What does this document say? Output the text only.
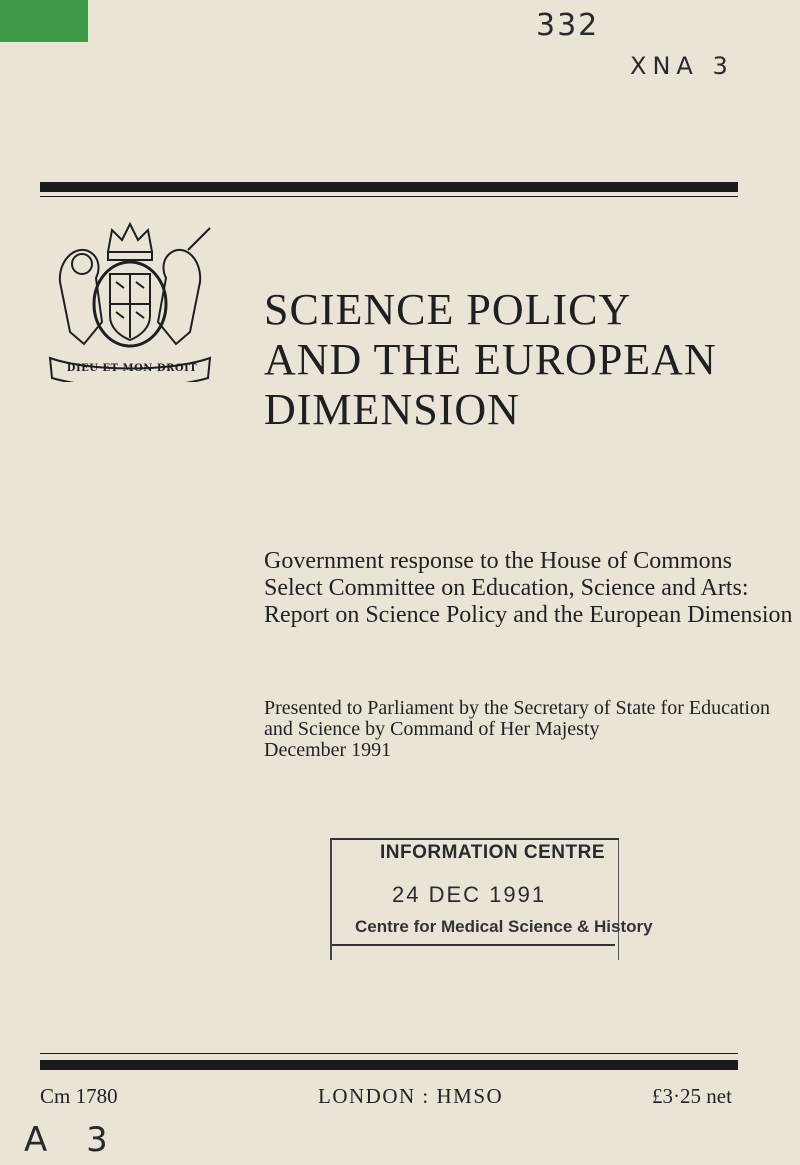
332
XNA 3
DIEU ET MON DROIT
SCIENCE POLICY
AND THE EUROPEAN
DIMENSION
Government response to the House of Commons
Select Committee on Education, Science and Arts:
Report on Science Policy and the European Dimension
Presented to Parliament by the Secretary of State for Education
and Science by Command of Her Majesty
December 1991
INFORMATION CENTRE
24 DEC 1991
Centre for Medical Science & History
Cm 1780	LONDON : HMSO	£3·25 net
A 3
